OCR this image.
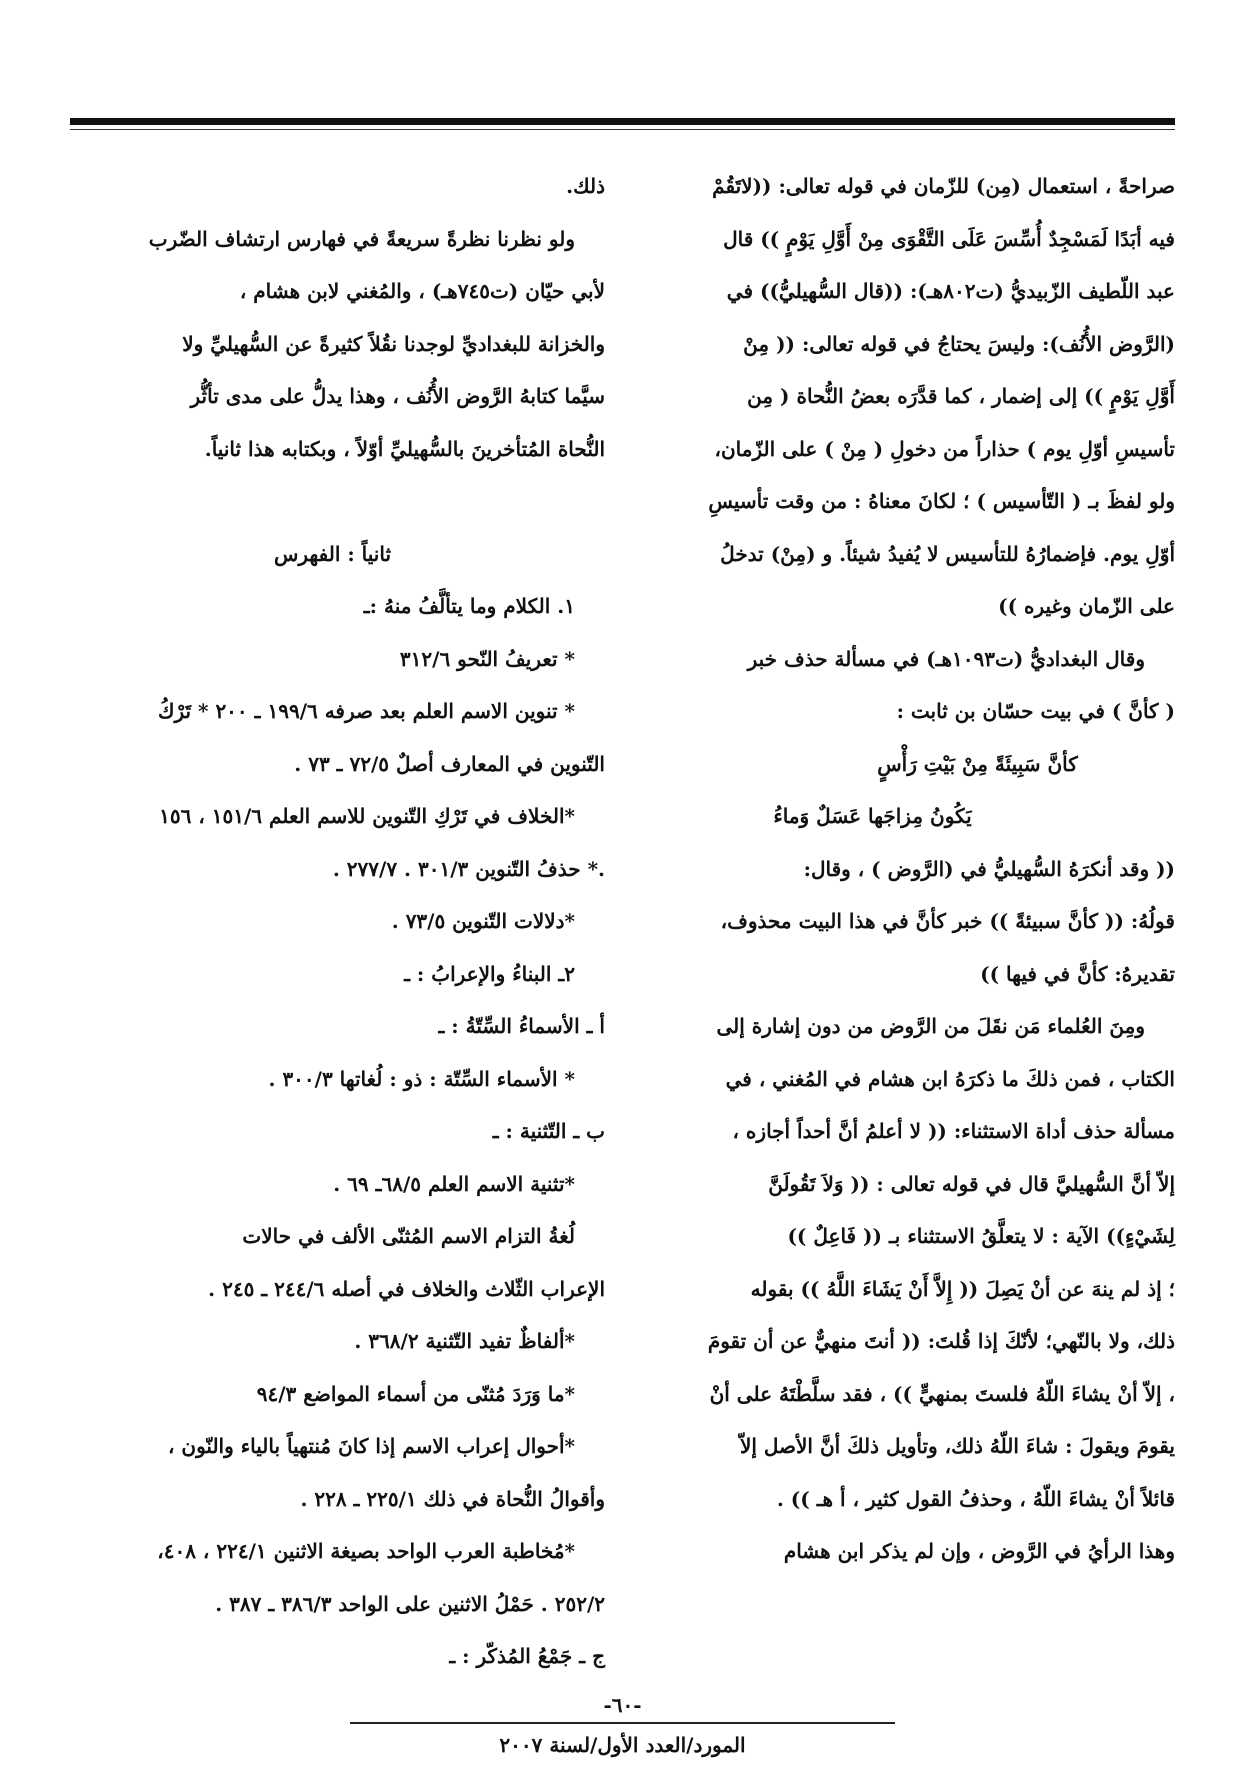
صراحةً ، استعمال (مِن) للزّمان في قوله تعالى: ((لاتَقُمْ

فيه أبَدًا لَمَسْجِدٌ أُسِّسَ عَلَى التَّقْوَى مِنْ أَوَّلِ يَوْمٍ )) قال

عبد اللّطيف الزّبيديُّ (ت٨٠٢هـ): ((قال السُّهيليُّ)) في

(الرَّوض الأُنُف): وليسَ يحتاجُ في قوله تعالى: (( مِنْ

أَوَّلِ يَوْمٍ )) إلى إضمار ، كما قدَّرَه بعضُ النُّحاة ( مِن

تأسيسِ أوّلِ يوم ) حذاراً من دخولِ ( مِنْ ) على الزّمان،

ولو لفظَ بـ ( التّأسيس ) ؛ لكانَ معناهُ : من وقت تأسيسِ

أوّلِ يوم. فإضمارُهُ للتأسيس لا يُفيدُ شيئاً. و (مِنْ) تدخلُ

على الزّمان وغيره ))

وقال البغداديُّ (ت١٠٩٣هـ) في مسألة حذف خبر

( كأنَّ ) في بيت حسّان بن ثابت :

كأنَّ سَبِيئَةً مِنْ بَيْتِ رَأْسٍ

يَكُونُ مِزاجَها عَسَلٌ وَماءُ

(( وقد أنكرَهُ السُّهيليُّ في (الرَّوض ) ، وقال:

قولُهُ: (( كأنَّ سبيئةً )) خبر كأنَّ في هذا البيت محذوف،

تقديرهُ: كأنَّ في فيها ))

ومِنَ العُلماء مَن نقَلَ من الرَّوض من دون إشارة إلى

الكتاب ، فمن ذلكَ ما ذكرَهُ ابن هشام في المُغني ، في

مسألة حذف أداة الاستثناء: (( لا أعلمُ أنَّ أحداً أجازه ،

إلاّ أنَّ السُّهيليَّ قال في قوله تعالى : (( وَلاَ تَقُولَنَّ

لِشَيْءٍ)) الآية : لا يتعلَّقُ الاستثناء بـ (( فَاعِلٌ ))

؛ إذ لم ينهَ عن أنْ يَصِلَ (( إِلاَّ أَنْ يَشَاءَ اللَّهُ )) بقوله

ذلك، ولا بالنّهي؛ لأنّكَ إذا قُلتَ: (( أنتَ منهيٌّ عن أن تقومَ

، إلاّ أنْ يشاءَ اللّهُ فلستَ بمنهيٍّ )) ، فقد سلَّطْتَهُ على أنْ

يقومَ ويقولَ : شاءَ اللّهُ ذلك، وتأويل ذلكَ أنَّ الأصل إلاّ

قائلاً أنْ يشاءَ اللّهُ ، وحذفُ القول كثير ، أ هـ )) .

وهذا الرأيُ في الرَّوض ، وإن لم يذكر ابن هشام

ذلك.

ولو نظرنا نظرةً سريعةً في فهارس ارتشاف الضّرب

لأبي حيّان (ت٧٤٥هـ) ، والمُغني لابن هشام ،

والخزانة للبغداديِّ لوجدنا نقُلاً كثيرةً عن السُّهيليِّ ولا

سيَّما كتابهُ الرَّوض الأُنُف ، وهذا يدلُّ على مدى تأثُّر

النُّحاة المُتأخرينَ بالسُّهيليِّ أوّلاً ، وبكتابه هذا ثانياً.

ثانياً : الفهرس

١. الكلام وما يتألَّفُ منهُ :ـ

* تعريفُ النّحو ٣١٢/٦

* تنوين الاسم العلم بعد صرفه ١٩٩/٦ ـ ٢٠٠ * تَرْكُ

التّنوين في المعارف أصلٌ ٧٢/٥ ـ ٧٣ .

*الخلاف في تَرْكِ التّنوين للاسم العلم ١٥١/٦ ، ١٥٦

.* حذفُ التّنوين ٣٠١/٣ . ٢٧٧/٧ .

*دلالات التّنوين ٧٣/٥ .

٢ـ البناءُ والإعرابُ : ـ

أ ـ الأسماءُ السِّتّةُ : ـ

* الأسماء السِّتّة : ذو : لُغاتها ٣٠٠/٣ .

ب ـ التّثنية : ـ

*تثنية الاسم العلم ٦٨/٥ـ ٦٩ .

لُغةُ التزام الاسم المُثنّى الألف في حالات

الإعراب الثّلاث والخلاف في أصله ٢٤٤/٦ ـ ٢٤٥ .

*ألفاظٌ تفيد التّثنية ٣٦٨/٢ .

*ما وَرَدَ مُثنّى من أسماء المواضع ٩٤/٣

*أحوال إعراب الاسم إذا كانَ مُنتهياً بالياء والنّون ،

وأقوالُ النُّحاة في ذلك ٢٢٥/١ ـ ٢٢٨ .

*مُخاطبة العرب الواحد بصيغة الاثنين ٢٢٤/١ ، ٤٠٨،

٢٥٢/٢ . حَمْلُ الاثنين على الواحد ٣٨٦/٣ ـ ٣٨٧ .

ج ـ جَمْعُ المُذكّر : ـ

-٦٠-
المورد/العدد الأول/لسنة ٢٠٠٧
